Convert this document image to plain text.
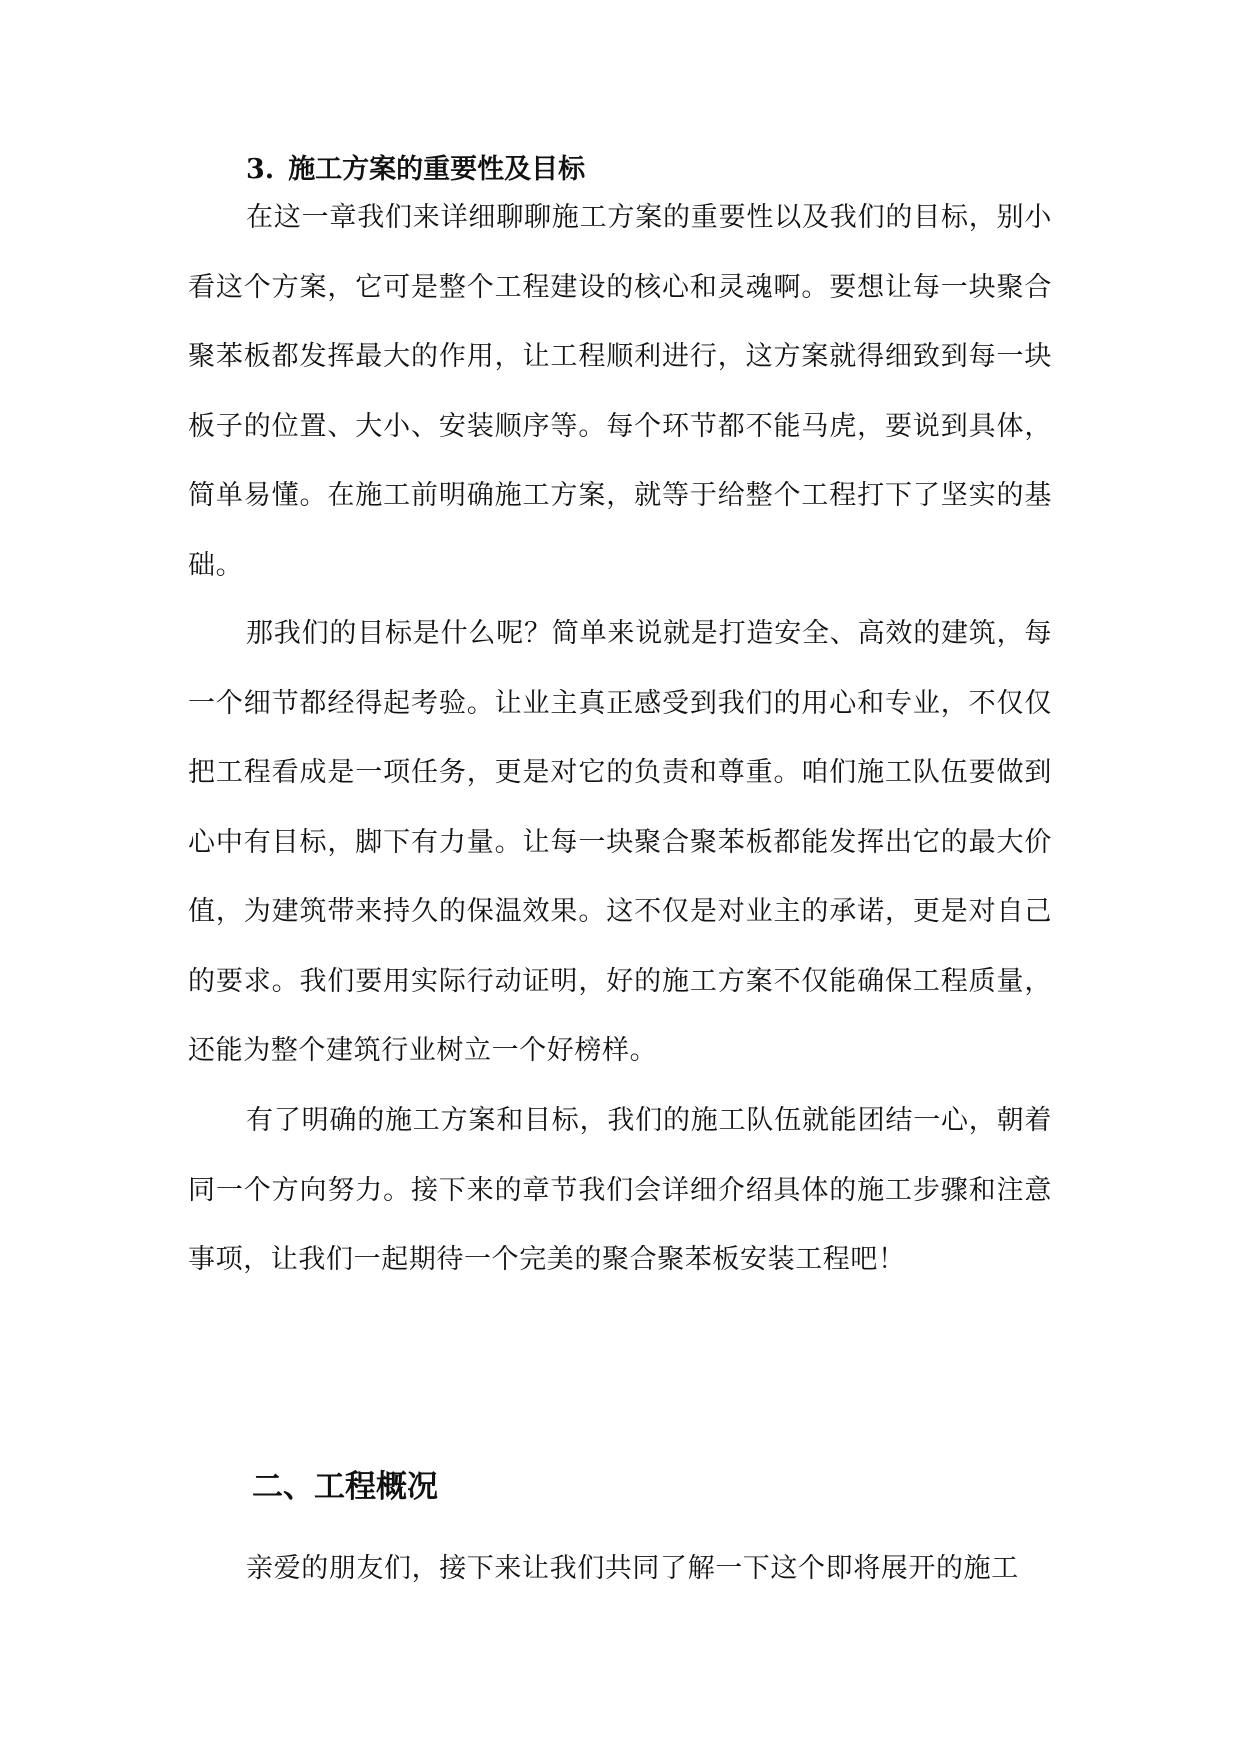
3. 施工方案的重要性及目标

在这一章我们来详细聊聊施工方案的重要性以及我们的目标，别小看这个方案，它可是整个工程建设的核心和灵魂啊。要想让每一块聚合聚苯板都发挥最大的作用，让工程顺利进行，这方案就得细致到每一块板子的位置、大小、安装顺序等。每个环节都不能马虎，要说到具体，简单易懂。在施工前明确施工方案，就等于给整个工程打下了坚实的基础。

那我们的目标是什么呢？简单来说就是打造安全、高效的建筑，每一个细节都经得起考验。让业主真正感受到我们的用心和专业，不仅仅把工程看成是一项任务，更是对它的负责和尊重。咱们施工队伍要做到心中有目标，脚下有力量。让每一块聚合聚苯板都能发挥出它的最大价值，为建筑带来持久的保温效果。这不仅是对业主的承诺，更是对自己的要求。我们要用实际行动证明，好的施工方案不仅能确保工程质量，还能为整个建筑行业树立一个好榜样。

有了明确的施工方案和目标，我们的施工队伍就能团结一心，朝着同一个方向努力。接下来的章节我们会详细介绍具体的施工步骤和注意事项，让我们一起期待一个完美的聚合聚苯板安装工程吧！

二、工程概况

亲爱的朋友们，接下来让我们共同了解一下这个即将展开的施工
